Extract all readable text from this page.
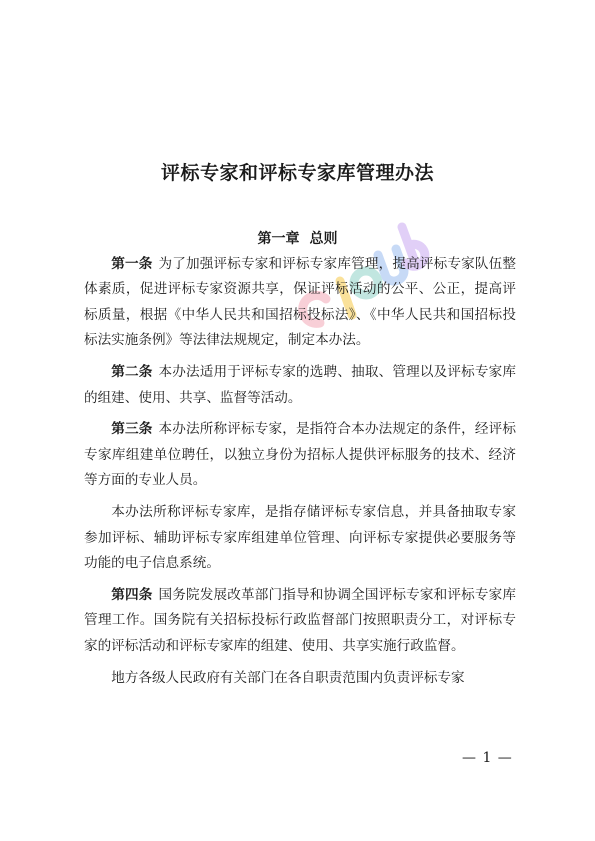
评标专家和评标专家库管理办法
第一章 总则

第一条 为了加强评标专家和评标专家库管理，提高评标专家队伍整体素质，促进评标专家资源共享，保证评标活动的公平、公正，提高评标质量，根据《中华人民共和国招标投标法》、《中华人民共和国招标投标法实施条例》等法律法规规定，制定本办法。

第二条 本办法适用于评标专家的选聘、抽取、管理以及评标专家库的组建、使用、共享、监督等活动。

第三条 本办法所称评标专家，是指符合本办法规定的条件，经评标专家库组建单位聘任，以独立身份为招标人提供评标服务的技术、经济等方面的专业人员。

本办法所称评标专家库，是指存储评标专家信息，并具备抽取专家参加评标、辅助评标专家库组建单位管理、向评标专家提供必要服务等功能的电子信息系统。

第四条 国务院发展改革部门指导和协调全国评标专家和评标专家库管理工作。国务院有关招标投标行政监督部门按照职责分工，对评标专家的评标活动和评标专家库的组建、使用、共享实施行政监督。

地方各级人民政府有关部门在各自职责范围内负责评标专家

— 1 —
